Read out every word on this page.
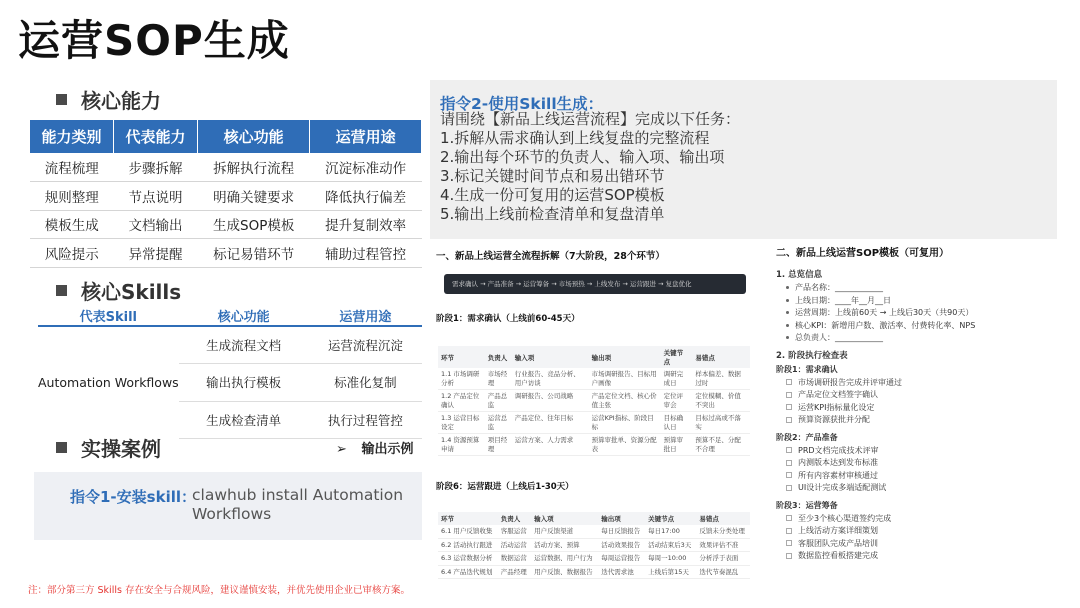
运营SOP生成
核心能力
能力类别	代表能力	核心功能	运营用途
流程梳理	步骤拆解	拆解执行流程	沉淀标准动作
规则整理	节点说明	明确关键要求	降低执行偏差
模板生成	文档输出	生成SOP模板	提升复制效率
风险提示	异常提醒	标记易错环节	辅助过程管控
核心Skills
代表Skill	核心功能	运营用途
Automation Workflows	生成流程文档	运营流程沉淀
	输出执行模板	标准化复制
	生成检查清单	执行过程管控
实操案例	➢ 输出示例
指令1-安装skill：
clawhub install Automation Workflows
注：部分第三方 Skills 存在安全与合规风险，建议谨慎安装，并优先使用企业已审核方案。
指令2-使用Skill生成：
请围绕【新品上线运营流程】完成以下任务：
1.拆解从需求确认到上线复盘的完整流程
2.输出每个环节的负责人、输入项、输出项
3.标记关键时间节点和易出错环节
4.生成一份可复用的运营SOP模板
5.输出上线前检查清单和复盘清单
一、新品上线运营全流程拆解（7大阶段，28个环节）
需求确认 → 产品准备 → 运营筹备 → 市场预热 → 上线发布 → 运营跟进 → 复盘优化
阶段1：需求确认（上线前60-45天）
环节	负责人	输入项	输出项	关键节点	易错点
1.1 市场调研分析	市场经理	行业报告、竞品分析、用户访谈	市场调研报告、目标用户画像	调研完成日	样本偏差、数据过时
1.2 产品定位确认	产品总监	调研报告、公司战略	产品定位文档、核心价值主张	定位评审会	定位模糊、价值不突出
1.3 运营目标设定	运营总监	产品定位、往年目标	运营KPI指标、阶段目标	目标确认日	目标过高或不落实
1.4 资源预算申请	项目经理	运营方案、人力需求	预算审批单、资源分配表	预算审批日	预算不足、分配不合理
阶段6：运营跟进（上线后1-30天）
环节	负责人	输入项	输出项	关键节点	易错点
6.1 用户反馈收集	客服运营	用户反馈渠道	每日反馈报告	每日17:00	反馈未分类处理
6.2 活动执行跟进	活动运营	活动方案、预算	活动效果报告	活动结束后3天	效果评估不准
6.3 运营数据分析	数据运营	运营数据、用户行为	每周运营报告	每周一10:00	分析浮于表面
6.4 产品迭代规划	产品经理	用户反馈、数据报告	迭代需求池	上线后第15天	迭代节奏混乱
二、新品上线运营SOP模板（可复用）
1. 总览信息
产品名称：____________
上线日期：____年__月__日
运营周期：上线前60天 → 上线后30天（共90天）
核心KPI：新增用户数、激活率、付费转化率、NPS
总负责人：____________
2. 阶段执行检查表
阶段1：需求确认
市场调研报告完成并评审通过
产品定位文档签字确认
运营KPI指标量化设定
预算资源获批并分配
阶段2：产品准备
PRD文档完成技术评审
内测版本达到发布标准
所有内容素材审核通过
UI设计完成多端适配测试
阶段3：运营筹备
至少3个核心渠道签约完成
上线活动方案详细策划
客服团队完成产品培训
数据监控看板搭建完成
